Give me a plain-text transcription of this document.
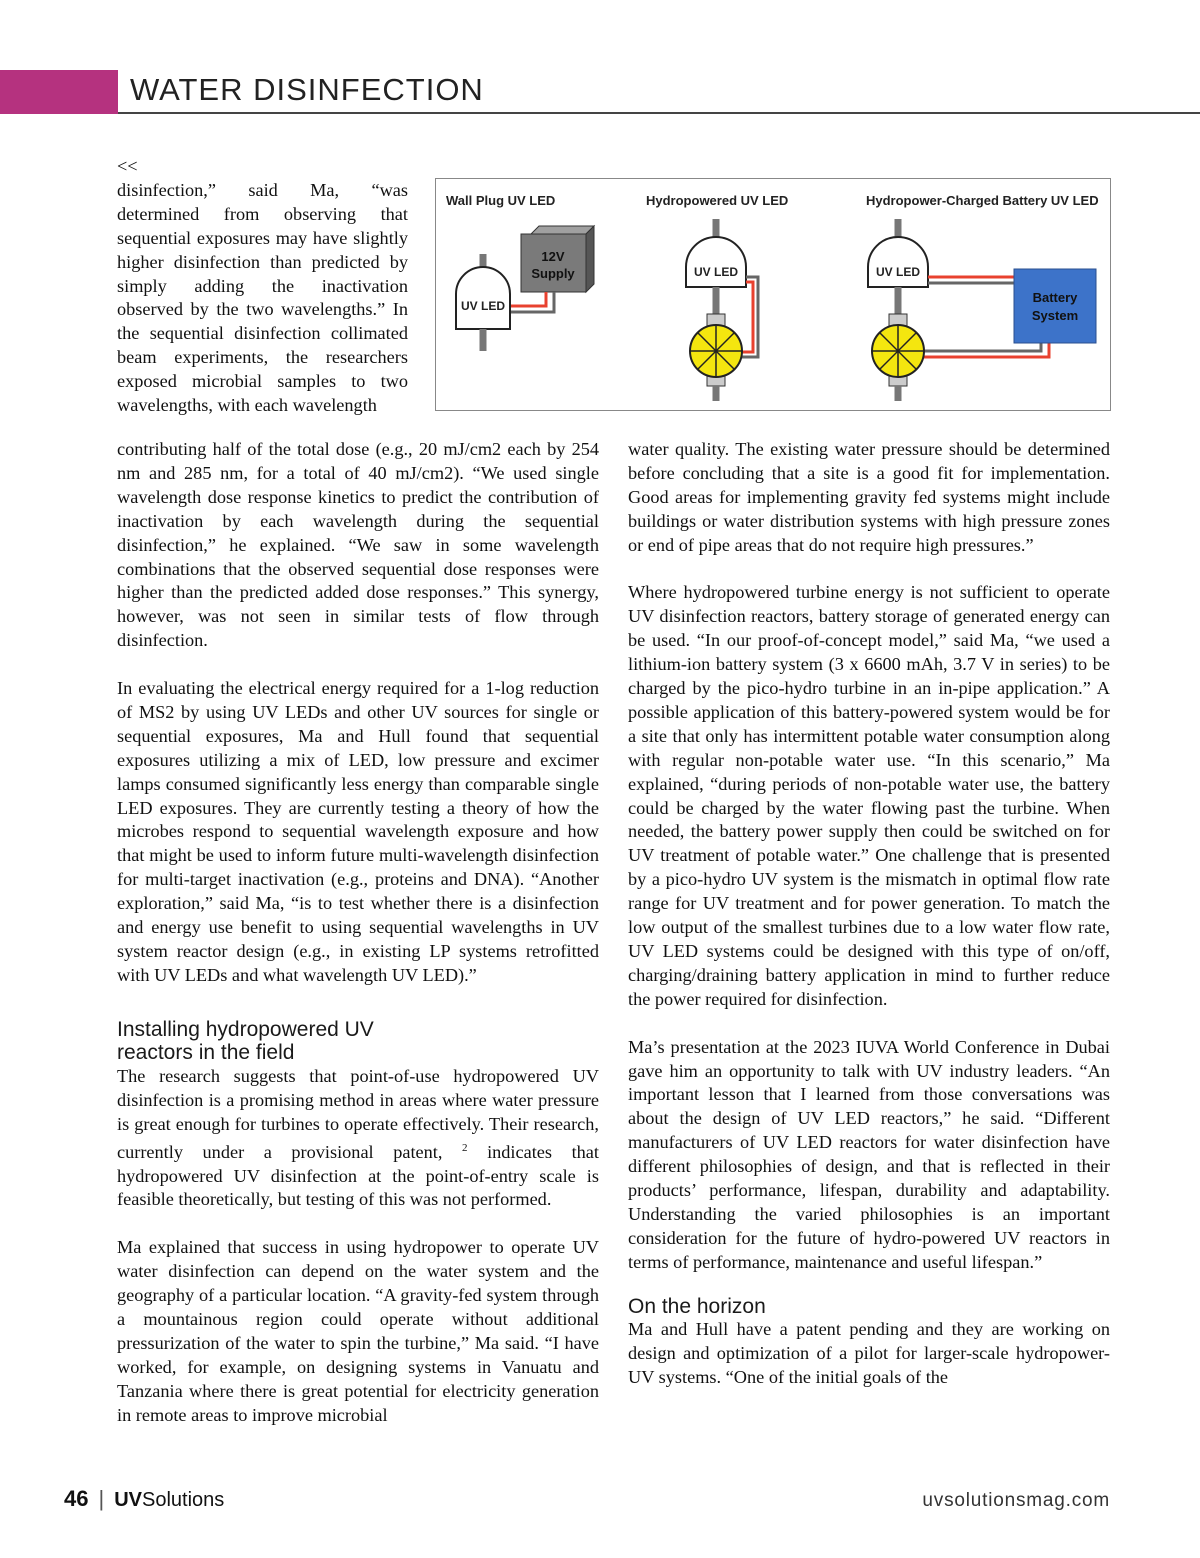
WATER DISINFECTION

<<

disinfection,” said Ma, “was determined from observing that sequential exposures may have slightly higher disinfection than predicted by simply adding the inactivation observed by the two wavelengths.” In the sequential disinfection collimated beam experiments, the researchers exposed microbial samples to two wavelengths, with each wavelength

Wall Plug UV LED	Hydropowered UV LED	Hydropower-Charged Battery UV LED
12V
Supply
UV LED
UV LED	UV LED
Battery
System

contributing half of the total dose (e.g., 20 mJ/cm2 each by 254 nm and 285 nm, for a total of 40 mJ/cm2). “We used single wavelength dose response kinetics to predict the contribution of inactivation by each wavelength during the sequential disinfection,” he explained. “We saw in some wavelength combinations that the observed sequential dose responses were higher than the predicted added dose responses.” This synergy, however, was not seen in similar tests of flow through disinfection.

In evaluating the electrical energy required for a 1-log reduction of MS2 by using UV LEDs and other UV sources for single or sequential exposures, Ma and Hull found that sequential exposures utilizing a mix of LED, low pressure and excimer lamps consumed significantly less energy than comparable single LED exposures. They are currently testing a theory of how the microbes respond to sequential wavelength exposure and how that might be used to inform future multi-wavelength disinfection for multi-target inactivation (e.g., proteins and DNA). “Another exploration,” said Ma, “is to test whether there is a disinfection and energy use benefit to using sequential wavelengths in UV system reactor design (e.g., in existing LP systems retrofitted with UV LEDs and what wavelength UV LED).”

Installing hydropowered UV
reactors in the field

The research suggests that point-of-use hydropowered UV disinfection is a promising method in areas where water pressure is great enough for turbines to operate effectively. Their research, currently under a provisional patent, $^2$ indicates that hydropowered UV disinfection at the point-of-entry scale is feasible theoretically, but testing of this was not performed.

Ma explained that success in using hydropower to operate UV water disinfection can depend on the water system and the geography of a particular location. “A gravity-fed system through a mountainous region could operate without additional pressurization of the water to spin the turbine,” Ma said. “I have worked, for example, on designing systems in Vanuatu and Tanzania where there is great potential for electricity generation in remote areas to improve microbial

water quality. The existing water pressure should be determined before concluding that a site is a good fit for implementation. Good areas for implementing gravity fed systems might include buildings or water distribution systems with high pressure zones or end of pipe areas that do not require high pressures.”

Where hydropowered turbine energy is not sufficient to operate UV disinfection reactors, battery storage of generated energy can be used. “In our proof-of-concept model,” said Ma, “we used a lithium-ion battery system (3 x 6600 mAh, 3.7 V in series) to be charged by the pico-hydro turbine in an in-pipe application.” A possible application of this battery-powered system would be for a site that only has intermittent potable water consumption along with regular non-potable water use. “In this scenario,” Ma explained, “during periods of non-potable water use, the battery could be charged by the water flowing past the turbine. When needed, the battery power supply then could be switched on for UV treatment of potable water.” One challenge that is presented by a pico-hydro UV system is the mismatch in optimal flow rate range for UV treatment and for power generation. To match the low output of the smallest turbines due to a low water flow rate, UV LED systems could be designed with this type of on/off, charging/draining battery application in mind to further reduce the power required for disinfection.

Ma’s presentation at the 2023 IUVA World Conference in Dubai gave him an opportunity to talk with UV industry leaders. “An important lesson that I learned from those conversations was about the design of UV LED reactors,” he said. “Different manufacturers of UV LED reactors for water disinfection have different philosophies of design, and that is reflected in their products’ performance, lifespan, durability and adaptability. Understanding the varied philosophies is an important consideration for the future of hydro-powered UV reactors in terms of performance, maintenance and useful lifespan.”

On the horizon

Ma and Hull have a patent pending and they are working on design and optimization of a pilot for larger-scale hydropower-UV systems. “One of the initial goals of the

46 | UVSolutions	uvsolutionsmag.com
